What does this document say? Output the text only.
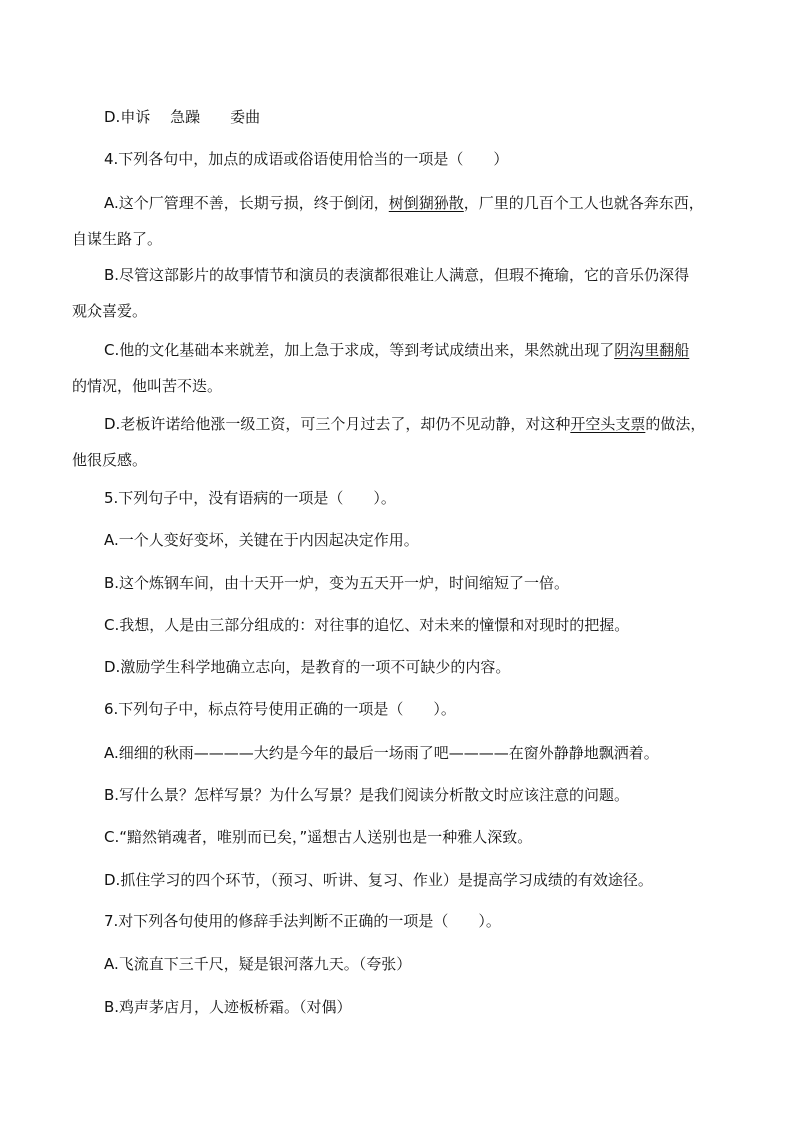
D.申诉　 急躁　　委曲
4.下列各句中，加点的成语或俗语使用恰当的一项是（　　）
A.这个厂管理不善，长期亏损，终于倒闭，树倒猢狲散，厂里的几百个工人也就各奔东西，
自谋生路了。
B.尽管这部影片的故事情节和演员的表演都很难让人满意，但瑕不掩瑜，它的音乐仍深得
观众喜爱。
C.他的文化基础本来就差，加上急于求成，等到考试成绩出来，果然就出现了阴沟里翻船
的情况，他叫苦不迭。
D.老板许诺给他涨一级工资，可三个月过去了，却仍不见动静，对这种开空头支票的做法，
他很反感。
5.下列句子中，没有语病的一项是（　　）。
A.一个人变好变坏，关键在于内因起决定作用。
B.这个炼钢车间，由十天开一炉，变为五天开一炉，时间缩短了一倍。
C.我想，人是由三部分组成的：对往事的追忆、对未来的憧憬和对现时的把握。
D.激励学生科学地确立志向，是教育的一项不可缺少的内容。
6.下列句子中，标点符号使用正确的一项是（　　）。
A.细细的秋雨————大约是今年的最后一场雨了吧————在窗外静静地飘洒着。
B.写什么景？怎样写景？为什么写景？是我们阅读分析散文时应该注意的问题。
C.“黯然销魂者，唯别而已矣，”遥想古人送别也是一种雅人深致。
D.抓住学习的四个环节，（预习、听讲、复习、作业）是提高学习成绩的有效途径。
7.对下列各句使用的修辞手法判断不正确的一项是（　　）。
A.飞流直下三千尺，疑是银河落九天。（夸张）
B.鸡声茅店月，人迹板桥霜。（对偶）
